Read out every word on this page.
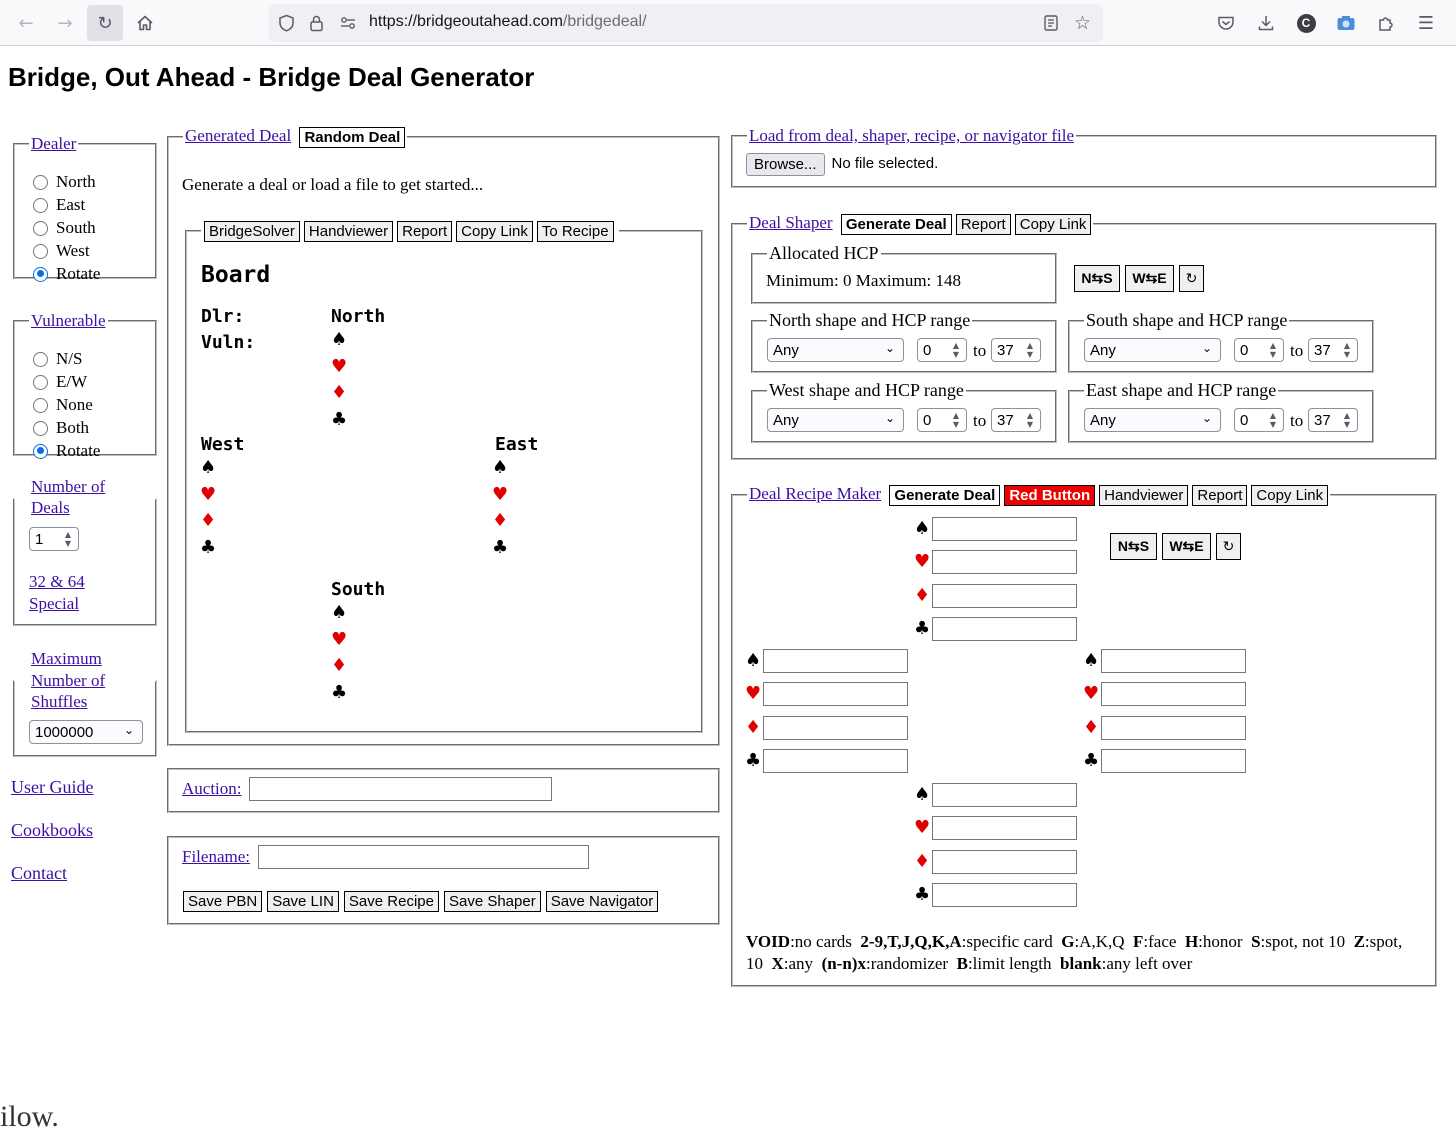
←	→	↻	https://bridgeoutahead.com/bridgedeal/	☆	C	☰
Bridge, Out Ahead - Bridge Deal Generator
Dealer
North
East
South
West
Rotate
Vulnerable
N/S
E/W
None
Both
Rotate
Number of
Deals
1	▲
▼
32 & 64
Special
Maximum
Number of
Shuffles
1000000	⌄
User Guide
Cookbooks
Contact
Generated Deal Random Deal
Generate a deal or load a file to get started...
BridgeSolver Handviewer Report Copy Link To Recipe
Board
Dlr:
Vuln:
North
♠
♥
♦
♣
West
♠
♥
♦
♣
East
♠
♥
♦
♣
South
♠
♥
♦
♣
Auction:
Filename:
Save PBN Save LIN Save Recipe Save Shaper Save Navigator
Load from deal, shaper, recipe, or navigator file
Browse... No file selected.
Deal Shaper Generate Deal Report Copy Link
Allocated HCP
Minimum: 0 Maximum: 148	N⇆S	W⇆E	↻
North shape and HCP range
Any	⌄ 0	▲
▼ to 37	▲
▼
South shape and HCP range
Any	⌄ 0	▲
▼ to 37	▲
▼
West shape and HCP range
Any	⌄ 0	▲
▼ to 37	▲
▼
East shape and HCP range
Any	⌄ 0	▲
▼ to 37	▲
▼
Deal Recipe Maker Generate Deal Red Button Handviewer Report Copy Link
N⇆S	W⇆E	↻
♠
♥
♦
♣
♠
♥
♦
♣
♠
♥
♦
♣
♠
♥
♦
♣
VOID:no cards 2-9,T,J,Q,K,A:specific card G:A,K,Q F:face H:honor S:spot, not 10 Z:spot, 10 X:any (n-n)x:randomizer B:limit length blank:any left over
ilow.
